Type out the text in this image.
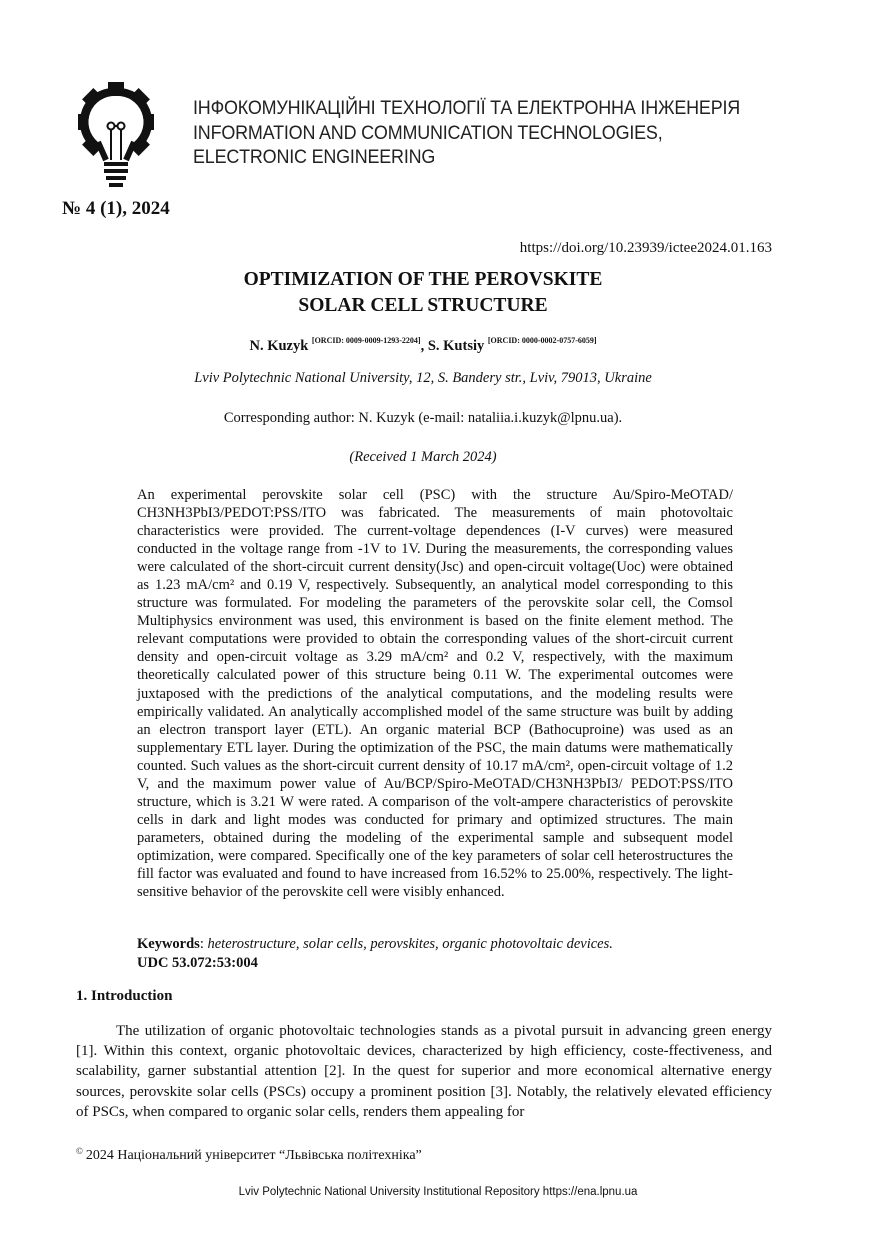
ІНФОКОМУНІКАЦІЙНІ ТЕХНОЛОГІЇ ТА ЕЛЕКТРОННА ІНЖЕНЕРІЯ
INFORMATION AND COMMUNICATION TECHNOLOGIES,
ELECTRONIC ENGINEERING
№ 4 (1), 2024
https://doi.org/10.23939/ictee2024.01.163
OPTIMIZATION OF THE PEROVSKITE
SOLAR CELL STRUCTURE
N. Kuzyk [ORCID: 0009-0009-1293-2204], S. Kutsiy [ORCID: 0000-0002-0757-6059]
Lviv Polytechnic National University, 12, S. Bandery str., Lviv, 79013, Ukraine
Corresponding author: N. Kuzyk (e-mail: nataliia.i.kuzyk@lpnu.ua).
(Received 1 March 2024)

An experimental perovskite solar cell (PSC) with the structure Au/Spiro-MeOTAD/ CH3NH3PbI3/PEDOT:PSS/ITO was fabricated. The measurements of main photovoltaic characteristics were provided. The current-voltage dependences (I-V curves) were measured conducted in the voltage range from -1V to 1V. During the measurements, the corresponding values were calculated of the short-circuit current density(Jsc) and open-circuit voltage(Uoc) were obtained as 1.23 mA/cm² and 0.19 V, respectively. Subsequently, an analytical model corresponding to this structure was formulated. For modeling the parameters of the perovskite solar cell, the Comsol Multiphysics environment was used, this environment is based on the finite element method. The relevant computations were provided to obtain the corresponding values of the short-circuit current density and open-circuit voltage as 3.29 mA/cm² and 0.2 V, respectively, with the maximum theoretically calculated power of this structure being 0.11 W. The experimental outcomes were juxtaposed with the predictions of the analytical computations, and the modeling results were empirically validated. An analytically accomplished model of the same structure was built by adding an electron transport layer (ETL). An organic material BCP (Bathocuproine) was used as an supplementary ETL layer. During the optimization of the PSC, the main datums were mathematically counted. Such values as the short-circuit current density of 10.17 mA/cm², open-circuit voltage of 1.2 V, and the maximum power value of Au/BCP/Spiro-MeOTAD/CH3NH3PbI3/ PEDOT:PSS/ITO structure, which is 3.21 W were rated. A comparison of the volt-ampere characteristics of perovskite cells in dark and light modes was conducted for primary and optimized structures. The main parameters, obtained during the modeling of the experimental sample and subsequent model optimization, were compared. Specifically one of the key parameters of solar cell heterostructures the fill factor was evaluated and found to have increased from 16.52% to 25.00%, respectively. The light-sensitive behavior of the perovskite cell were visibly enhanced.

Keywords: heterostructure, solar cells, perovskites, organic photovoltaic devices.
UDC 53.072:53:004
1. Introduction

The utilization of organic photovoltaic technologies stands as a pivotal pursuit in advancing green energy [1]. Within this context, organic photovoltaic devices, characterized by high efficiency, coste-ffectiveness, and scalability, garner substantial attention [2]. In the quest for superior and more economical alternative energy sources, perovskite solar cells (PSCs) occupy a prominent position [3]. Notably, the relatively elevated efficiency of PSCs, when compared to organic solar cells, renders them appealing for

© 2024 Національний університет “Львівська політехніка”
Lviv Polytechnic National University Institutional Repository https://ena.lpnu.ua
